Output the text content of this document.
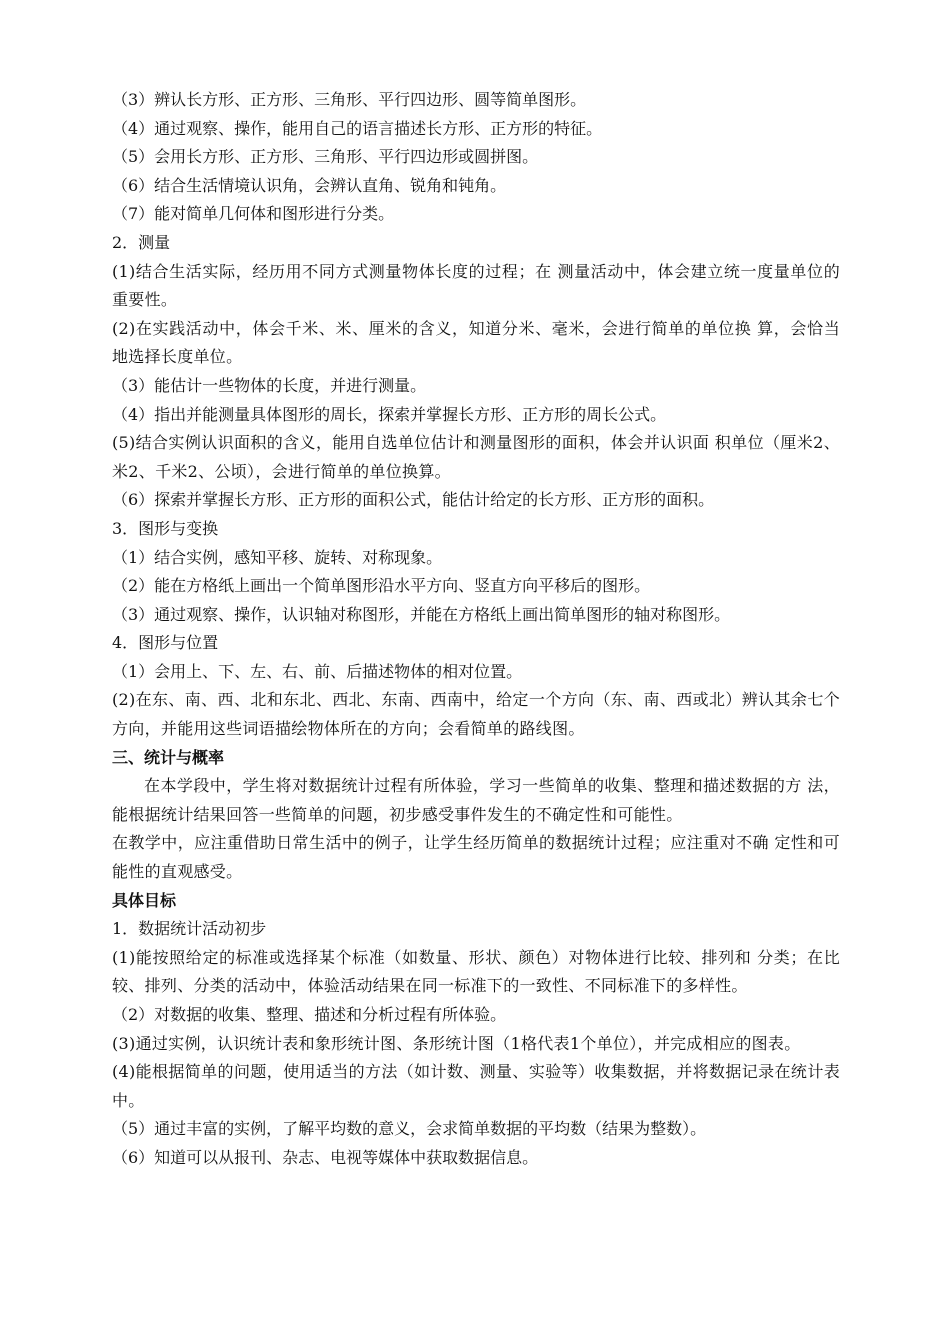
（3）辨认长方形、正方形、三角形、平行四边形、圆等简单图形。
（4）通过观察、操作，能用自己的语言描述长方形、正方形的特征。
（5）会用长方形、正方形、三角形、平行四边形或圆拼图。
（6）结合生活情境认识角，会辨认直角、锐角和钝角。
（7）能对简单几何体和图形进行分类。
2．测量
(1)结合生活实际，经历用不同方式测量物体长度的过程；在 测量活动中，体会建立统一度量单位的重要性。
(2)在实践活动中，体会千米、米、厘米的含义，知道分米、毫米，会进行简单的单位换 算，会恰当地选择长度单位。
（3）能估计一些物体的长度，并进行测量。
（4）指出并能测量具体图形的周长，探索并掌握长方形、正方形的周长公式。
(5)结合实例认识面积的含义，能用自选单位估计和测量图形的面积，体会并认识面 积单位（厘米2、米2、千米2、公顷），会进行简单的单位换算。
（6）探索并掌握长方形、正方形的面积公式，能估计给定的长方形、正方形的面积。
3．图形与变换
（1）结合实例，感知平移、旋转、对称现象。
（2）能在方格纸上画出一个简单图形沿水平方向、竖直方向平移后的图形。
（3）通过观察、操作，认识轴对称图形，并能在方格纸上画出简单图形的轴对称图形。
4．图形与位置
（1）会用上、下、左、右、前、后描述物体的相对位置。
(2)在东、南、西、北和东北、西北、东南、西南中，给定一个方向（东、南、西或北）辨认其余七个方向，并能用这些词语描绘物体所在的方向；会看简单的路线图。
三、统计与概率
在本学段中，学生将对数据统计过程有所体验，学习一些简单的收集、整理和描述数据的方 法，能根据统计结果回答一些简单的问题，初步感受事件发生的不确定性和可能性。
在教学中，应注重借助日常生活中的例子，让学生经历简单的数据统计过程；应注重对不确 定性和可能性的直观感受。
具体目标
1．数据统计活动初步
(1)能按照给定的标准或选择某个标准（如数量、形状、颜色）对物体进行比较、排列和 分类；在比较、排列、分类的活动中，体验活动结果在同一标准下的一致性、不同标准下的多样性。
（2）对数据的收集、整理、描述和分析过程有所体验。
(3)通过实例，认识统计表和象形统计图、条形统计图（1格代表1个单位），并完成相应的图表。
(4)能根据简单的问题，使用适当的方法（如计数、测量、实验等）收集数据，并将数据记录在统计表中。
（5）通过丰富的实例，了解平均数的意义，会求简单数据的平均数（结果为整数）。
（6）知道可以从报刊、杂志、电视等媒体中获取数据信息。
